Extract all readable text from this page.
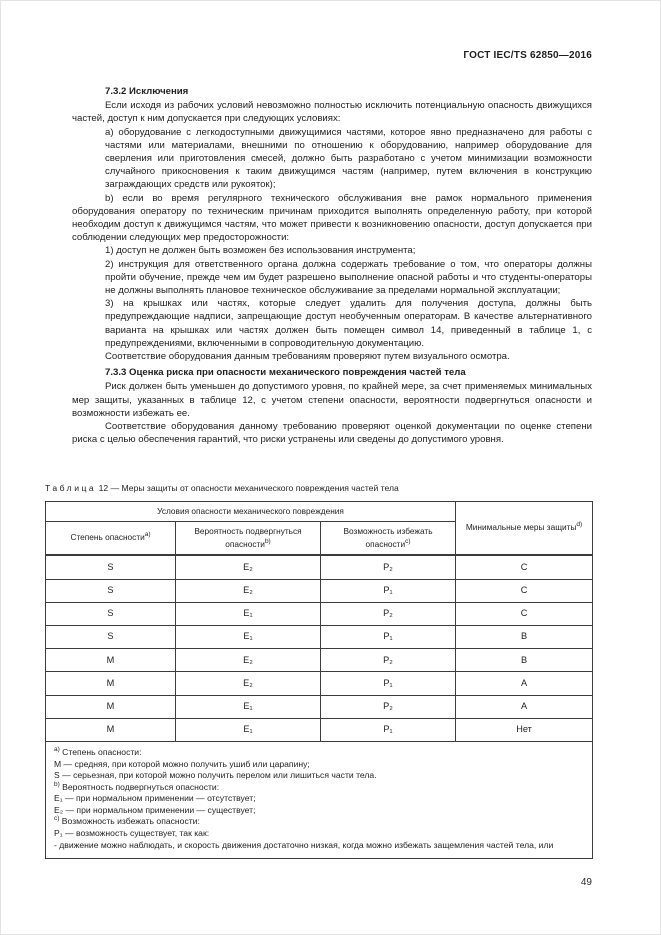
ГОСТ IEC/TS 62850—2016

7.3.2 Исключения

Если исходя из рабочих условий невозможно полностью исключить потенциальную опасность движущихся частей, доступ к ним допускается при следующих условиях:

a) оборудование с легкодоступными движущимися частями, которое явно предназначено для работы с частями или материалами, внешними по отношению к оборудованию, например оборудование для сверления или приготовления смесей, должно быть разработано с учетом минимизации возможности случайного прикосновения к таким движущимся частям (например, путем включения в конструкцию заграждающих средств или рукояток);

b) если во время регулярного технического обслуживания вне рамок нормального применения оборудования оператору по техническим причинам приходится выполнять определенную работу, при которой необходим доступ к движущимся частям, что может привести к возникновению опасности, доступ допускается при соблюдении следующих мер предосторожности:

1) доступ не должен быть возможен без использования инструмента;

2) инструкция для ответственного органа должна содержать требование о том, что операторы должны пройти обучение, прежде чем им будет разрешено выполнение опасной работы и что студенты-операторы не должны выполнять плановое техническое обслуживание за пределами нормальной эксплуатации;

3) на крышках или частях, которые следует удалить для получения доступа, должны быть предупреждающие надписи, запрещающие доступ необученным операторам. В качестве альтернативного варианта на крышках или частях должен быть помещен символ 14, приведенный в таблице 1, с предупреждениями, включенными в сопроводительную документацию.

Соответствие оборудования данным требованиям проверяют путем визуального осмотра.

7.3.3 Оценка риска при опасности механического повреждения частей тела

Риск должен быть уменьшен до допустимого уровня, по крайней мере, за счет применяемых минимальных мер защиты, указанных в таблице 12, с учетом степени опасности, вероятности подвергнуться опасности и возможности избежать ее.

Соответствие оборудования данному требованию проверяют оценкой документации по оценке степени риска с целью обеспечения гарантий, что риски устранены или сведены до допустимого уровня.

Таблица 12 — Меры защиты от опасности механического повреждения частей тела
Условия опасности механического повреждения			Минимальные меры защиты$^{d)}$
Степень опасности$^{a)}$	Вероятность подвергнуться опасности$^{b)}$	Возможность избежать опасности$^{c)}$
S	E₂	P₂	C
S	E₂	P₁	C
S	E₁	P₂	C
S	E₁	P₁	B
M	E₂	P₂	B
M	E₂	P₁	A
M	E₁	P₂	A
M	E₁	P₁	Нет

$^{a)}$ Степень опасности:

M — средняя, при которой можно получить ушиб или царапину;

S — серьезная, при которой можно получить перелом или лишиться части тела.

$^{b)}$ Вероятность подвергнуться опасности:

E₁ — при нормальном применении — отсутствует;

E₂ — при нормальном применении — существует;

$^{c)}$ Возможность избежать опасности:

P₁ — возможность существует, так как:

- движение можно наблюдать, и скорость движения достаточно низкая, когда можно избежать защемления частей тела, или

49
